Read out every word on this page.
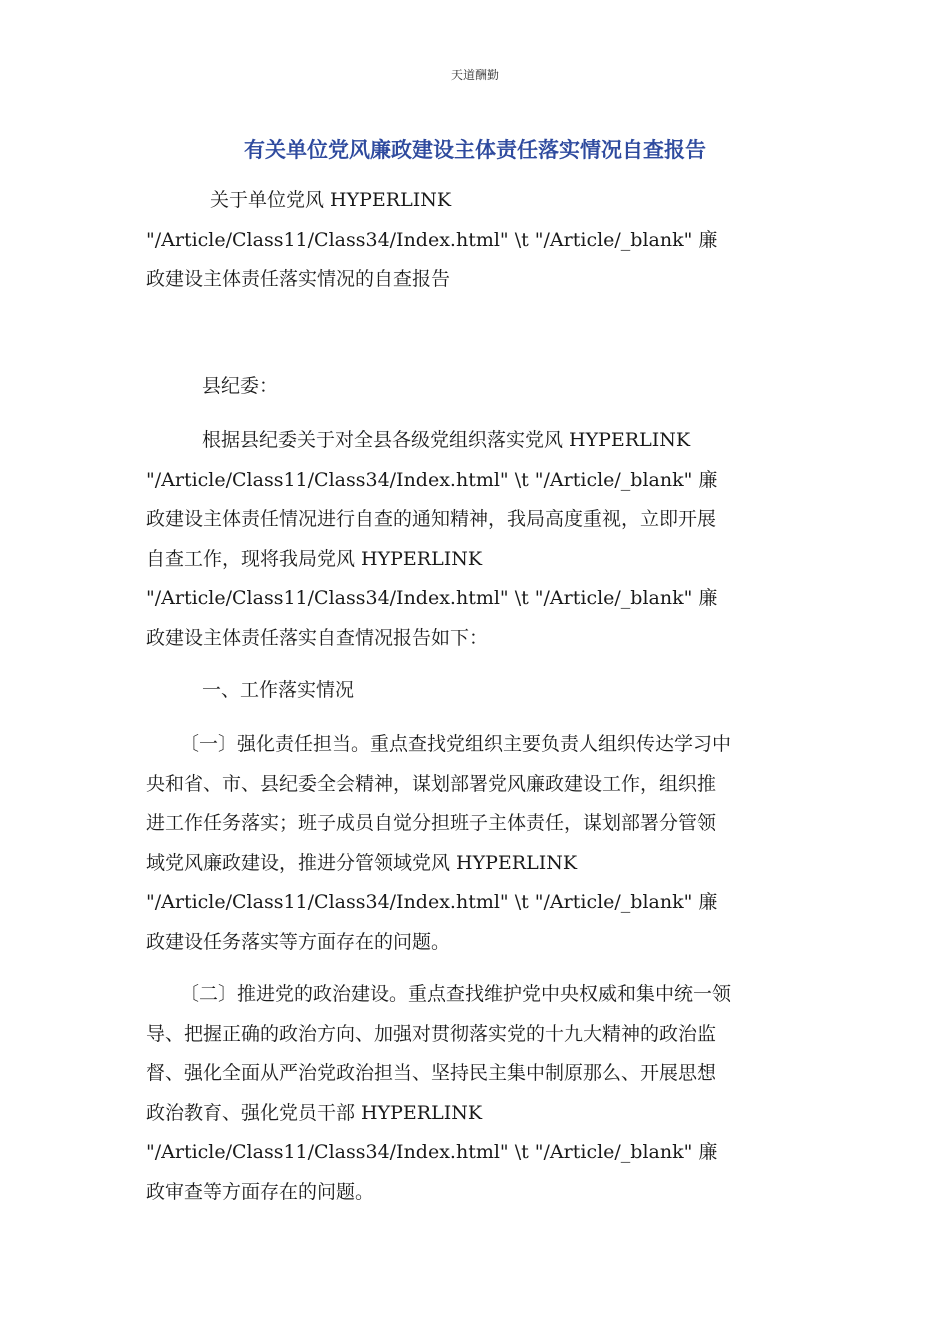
天道酬勤
有关单位党风廉政建设主体责任落实情况自查报告
关于单位党风 HYPERLINK
"/Article/Class11/Class34/Index.html" \t "/Article/_blank" 廉
政建设主体责任落实情况的自查报告
县纪委：
根据县纪委关于对全县各级党组织落实党风 HYPERLINK
"/Article/Class11/Class34/Index.html" \t "/Article/_blank" 廉
政建设主体责任情况进行自查的通知精神，我局高度重视，立即开展
自查工作，现将我局党风 HYPERLINK
"/Article/Class11/Class34/Index.html" \t "/Article/_blank" 廉
政建设主体责任落实自查情况报告如下：
一、工作落实情况
〔一〕强化责任担当。重点查找党组织主要负责人组织传达学习中
央和省、市、县纪委全会精神，谋划部署党风廉政建设工作，组织推
进工作任务落实；班子成员自觉分担班子主体责任，谋划部署分管领
域党风廉政建设，推进分管领域党风 HYPERLINK
"/Article/Class11/Class34/Index.html" \t "/Article/_blank" 廉
政建设任务落实等方面存在的问题。
〔二〕推进党的政治建设。重点查找维护党中央权威和集中统一领
导、把握正确的政治方向、加强对贯彻落实党的十九大精神的政治监
督、强化全面从严治党政治担当、坚持民主集中制原那么、开展思想
政治教育、强化党员干部 HYPERLINK
"/Article/Class11/Class34/Index.html" \t "/Article/_blank" 廉
政审查等方面存在的问题。
